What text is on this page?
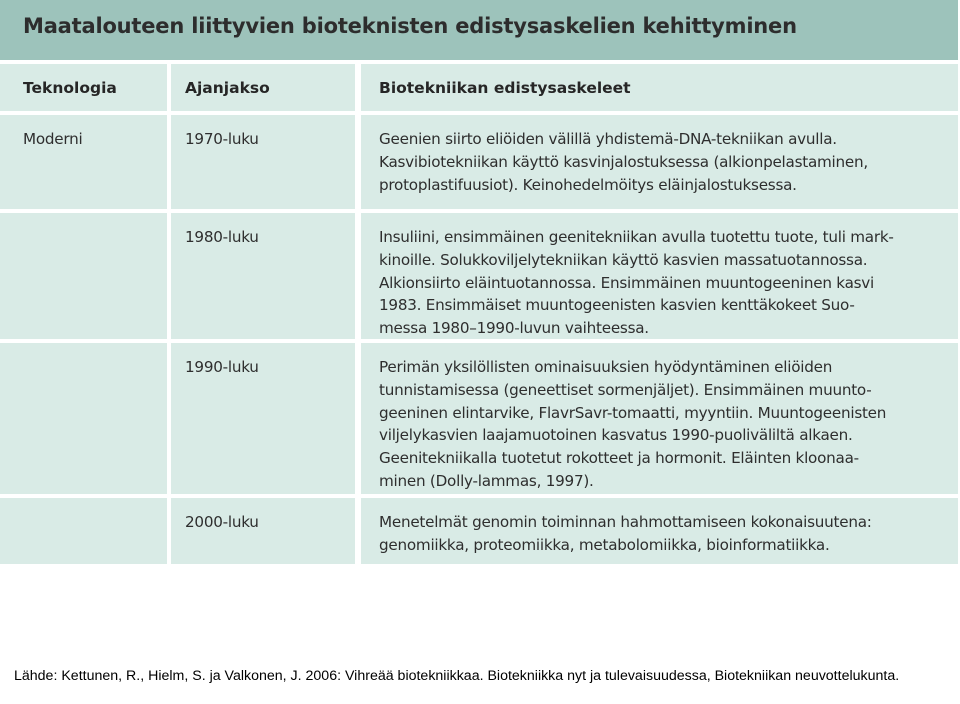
Maatalouteen liittyvien bioteknisten edistysaskelien kehittyminen
Teknologia	Ajanjakso	Biotekniikan edistysaskeleet
Moderni	1970-luku	Geenien siirto eliöiden välillä yhdistemä-DNA-tekniikan avulla.
Kasvibiotekniikan käyttö kasvinjalostuksessa (alkionpelastaminen,
protoplastifuusiot). Keinohedelmöitys eläinjalostuksessa.
1980-luku	Insuliini, ensimmäinen geenitekniikan avulla tuotettu tuote, tuli mark-
kinoille. Solukkoviljelytekniikan käyttö kasvien massatuotannossa.
Alkionsiirto eläintuotannossa. Ensimmäinen muuntogeeninen kasvi
1983. Ensimmäiset muuntogeenisten kasvien kenttäkokeet Suo-
messa 1980–1990-luvun vaihteessa.
1990-luku	Perimän yksilöllisten ominaisuuksien hyödyntäminen eliöiden
tunnistamisessa (geneettiset sormenjäljet). Ensimmäinen muunto-
geeninen elintarvike, FlavrSavr-tomaatti, myyntiin. Muuntogeenisten
viljelykasvien laajamuotoinen kasvatus 1990-puoliväliltä alkaen.
Geenitekniikalla tuotetut rokotteet ja hormonit. Eläinten kloonaa-
minen (Dolly-lammas, 1997).
2000-luku	Menetelmät genomin toiminnan hahmottamiseen kokonaisuutena:
genomiikka, proteomiikka, metabolomiikka, bioinformatiikka.
Lähde: Kettunen, R., Hielm, S. ja Valkonen, J. 2006: Vihreää biotekniikkaa. Biotekniikka nyt ja tulevaisuudessa, Biotekniikan neuvottelukunta.
